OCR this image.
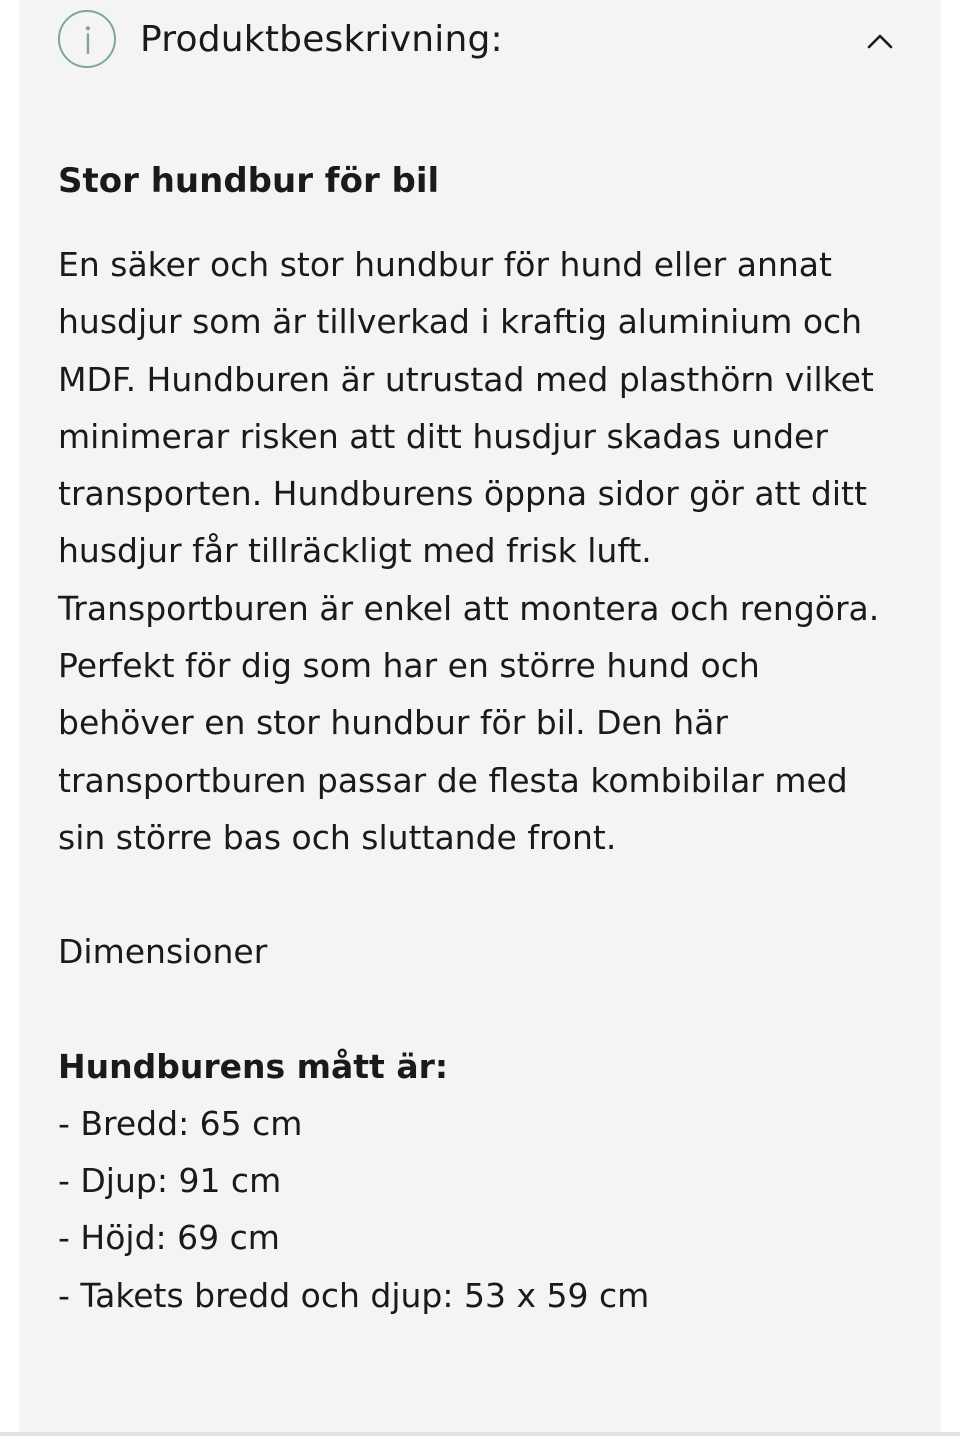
Produktbeskrivning:

Stor hundbur för bil

En säker och stor hundbur för hund eller annat husdjur som är tillverkad i kraftig aluminium och MDF. Hundburen är utrustad med plasthörn vilket minimerar risken att ditt husdjur skadas under transporten. Hundburens öppna sidor gör att ditt husdjur får tillräckligt med frisk luft. Transportburen är enkel att montera och rengöra. Perfekt för dig som har en större hund och behöver en stor hundbur för bil. Den här transportburen passar de flesta kombibilar med sin större bas och sluttande front.

Dimensioner

Hundburens mått är:

- Bredd: 65 cm
- Djup: 91 cm
- Höjd: 69 cm
- Takets bredd och djup: 53 x 59 cm
